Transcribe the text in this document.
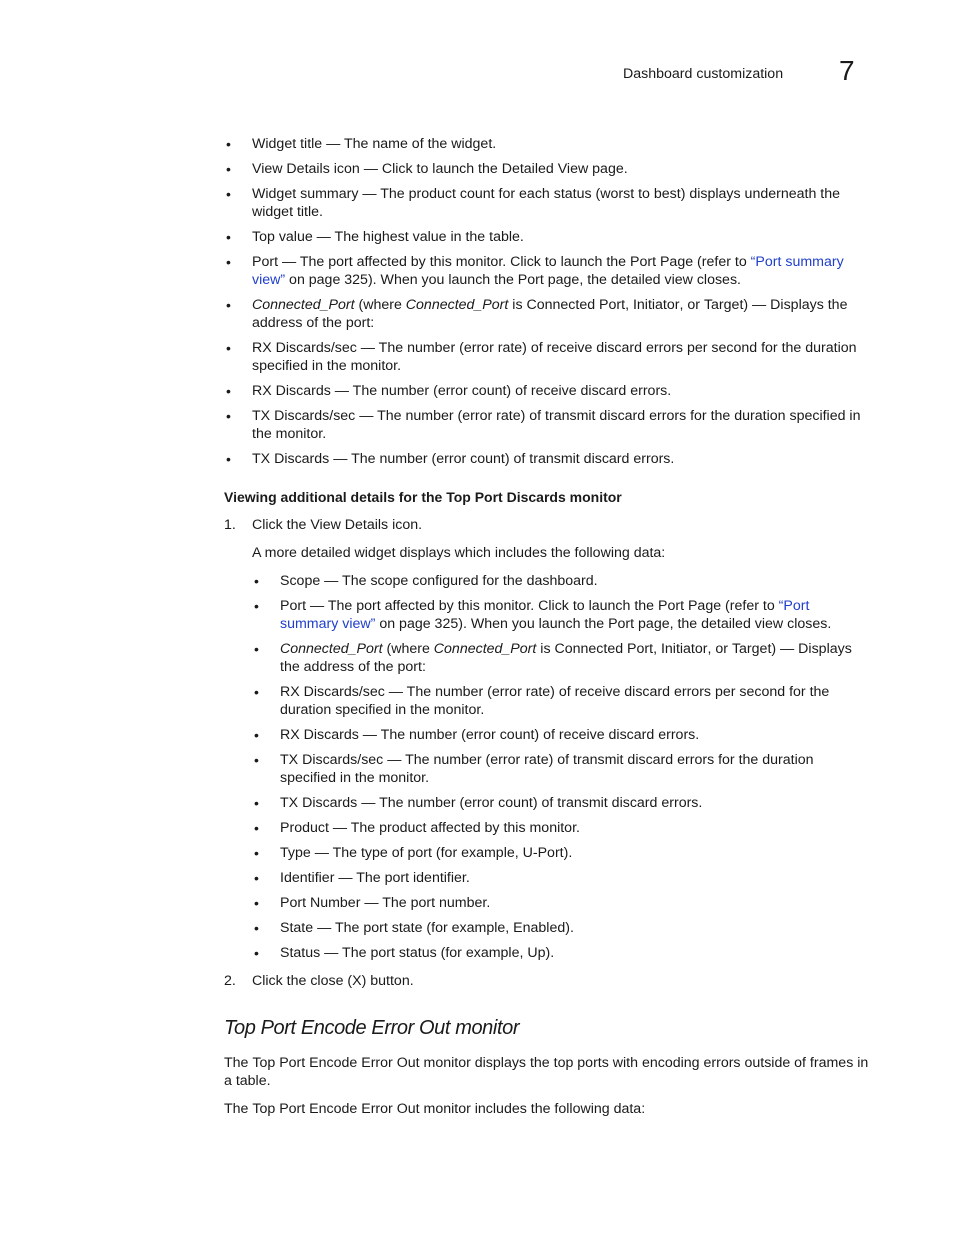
Dashboard customization 7
• Widget title — The name of the widget.
• View Details icon — Click to launch the Detailed View page.
• Widget summary — The product count for each status (worst to best) displays underneath the widget title.
• Top value — The highest value in the table.
• Port — The port affected by this monitor. Click to launch the Port Page (refer to “Port summary view” on page 325). When you launch the Port page, the detailed view closes.
• Connected_Port (where Connected_Port is Connected Port, Initiator, or Target) — Displays the address of the port:
• RX Discards/sec — The number (error rate) of receive discard errors per second for the duration specified in the monitor.
• RX Discards — The number (error count) of receive discard errors.
• TX Discards/sec — The number (error rate) of transmit discard errors for the duration specified in the monitor.
• TX Discards — The number (error count) of transmit discard errors.
Viewing additional details for the Top Port Discards monitor
1. Click the View Details icon.
A more detailed widget displays which includes the following data:
• Scope — The scope configured for the dashboard.
• Port — The port affected by this monitor. Click to launch the Port Page (refer to “Port summary view” on page 325). When you launch the Port page, the detailed view closes.
• Connected_Port (where Connected_Port is Connected Port, Initiator, or Target) — Displays the address of the port:
• RX Discards/sec — The number (error rate) of receive discard errors per second for the duration specified in the monitor.
• RX Discards — The number (error count) of receive discard errors.
• TX Discards/sec — The number (error rate) of transmit discard errors for the duration specified in the monitor.
• TX Discards — The number (error count) of transmit discard errors.
• Product — The product affected by this monitor.
• Type — The type of port (for example, U-Port).
• Identifier — The port identifier.
• Port Number — The port number.
• State — The port state (for example, Enabled).
• Status — The port status (for example, Up).
2. Click the close (X) button.
Top Port Encode Error Out monitor
The Top Port Encode Error Out monitor displays the top ports with encoding errors outside of frames in a table.
The Top Port Encode Error Out monitor includes the following data:
